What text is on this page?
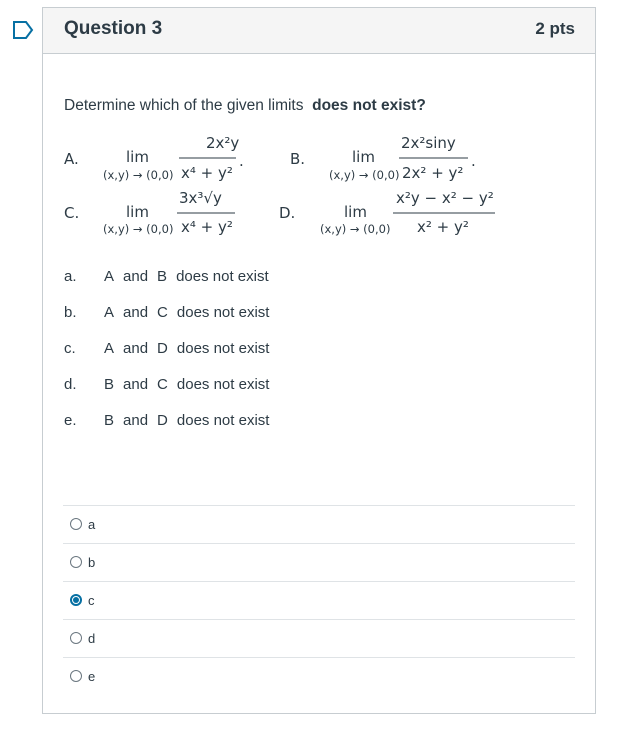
Question 3	2 pts
Determine which of the given limits does not exist?
A.	lim
(x,y) → (0,0)
2x²y
x⁴ + y²
.	B.	lim
(x,y) → (0,0)
2x²siny
2x² + y²
.
C.	lim
(x,y) → (0,0)
3x³√y
x⁴ + y²
D.	lim
(x,y) → (0,0)
x²y − x² − y²
x² + y²
a. A and B does not exist
b. A and C does not exist
c. A and D does not exist
d. B and C does not exist
e. B and D does not exist
a
b
c
d
e
